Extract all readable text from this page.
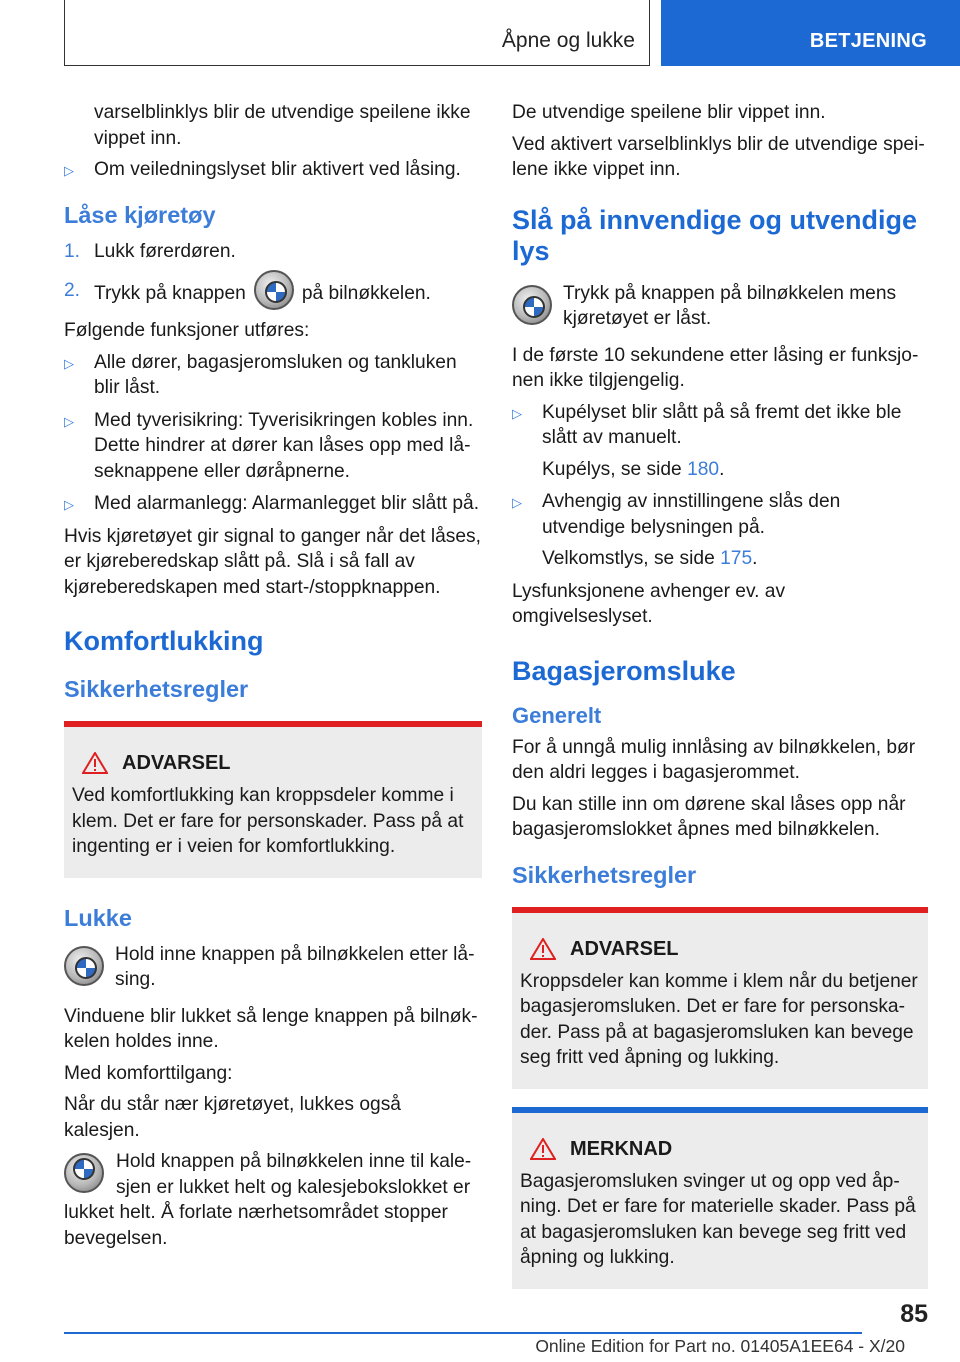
Åpne og lukke	BETJENING

varselblinklys blir de utvendige speilene ikke vippet inn.

▷ Om veiledningslyset blir aktivert ved låsing.
Låse kjøretøy
1. Lukk førerdøren.
2. Trykk på knappen	på bilnøkkelen.

Følgende funksjoner utføres:

▷ Alle dører, bagasjeromsluken og tankluken blir låst.
▷ Med tyverisikring: Tyverisikringen kobles inn. Dette hindrer at dører kan låses opp med låseknappene eller døråpnerne.
▷ Med alarmanlegg: Alarmanlegget blir slått på.

Hvis kjøretøyet gir signal to ganger når det låses, er kjøreberedskap slått på. Slå i så fall av kjøreberedskapen med start-/stoppknappen.

Komfortlukking
Sikkerhetsregler
ADVARSEL

Ved komfortlukking kan kroppsdeler komme i klem. Det er fare for personskader. Pass på at ingenting er i veien for komfortlukking.

Lukke
Hold inne knappen på bilnøkkelen etter låsing.

Vinduene blir lukket så lenge knappen på bilnøkkelen holdes inne.

Med komforttilgang:

Når du står nær kjøretøyet, lukkes også kalesjen.

Hold knappen på bilnøkkelen inne til kalesjen er lukket helt og kalesjebokslokket er lukket helt. Å forlate nærhetsområdet stopper bevegelsen.

De utvendige speilene blir vippet inn.

Ved aktivert varselblinklys blir de utvendige speilene ikke vippet inn.

Slå på innvendige og utvendige lys
Trykk på knappen på bilnøkkelen mens kjøretøyet er låst.

I de første 10 sekundene etter låsing er funksjonen ikke tilgjengelig.

▷ Kupélyset blir slått på så fremt det ikke ble slått av manuelt.
Kupélys, se side 180.
▷ Avhengig av innstillingene slås den utvendige belysningen på.
Velkomstlys, se side 175.

Lysfunksjonene avhenger ev. av omgivelseslyset.

Bagasjeromsluke
Generelt

For å unngå mulig innlåsing av bilnøkkelen, bør den aldri legges i bagasjerommet.

Du kan stille inn om dørene skal låses opp når bagasjeromslokket åpnes med bilnøkkelen.

Sikkerhetsregler
ADVARSEL

Kroppsdeler kan komme i klem når du betjener bagasjeromsluken. Det er fare for personskader. Pass på at bagasjeromsluken kan bevege seg fritt ved åpning og lukking.

MERKNAD

Bagasjeromsluken svinger ut og opp ved åpning. Det er fare for materielle skader. Pass på at bagasjeromsluken kan bevege seg fritt ved åpning og lukking.

85
Online Edition for Part no. 01405A1EE64 - X/20
